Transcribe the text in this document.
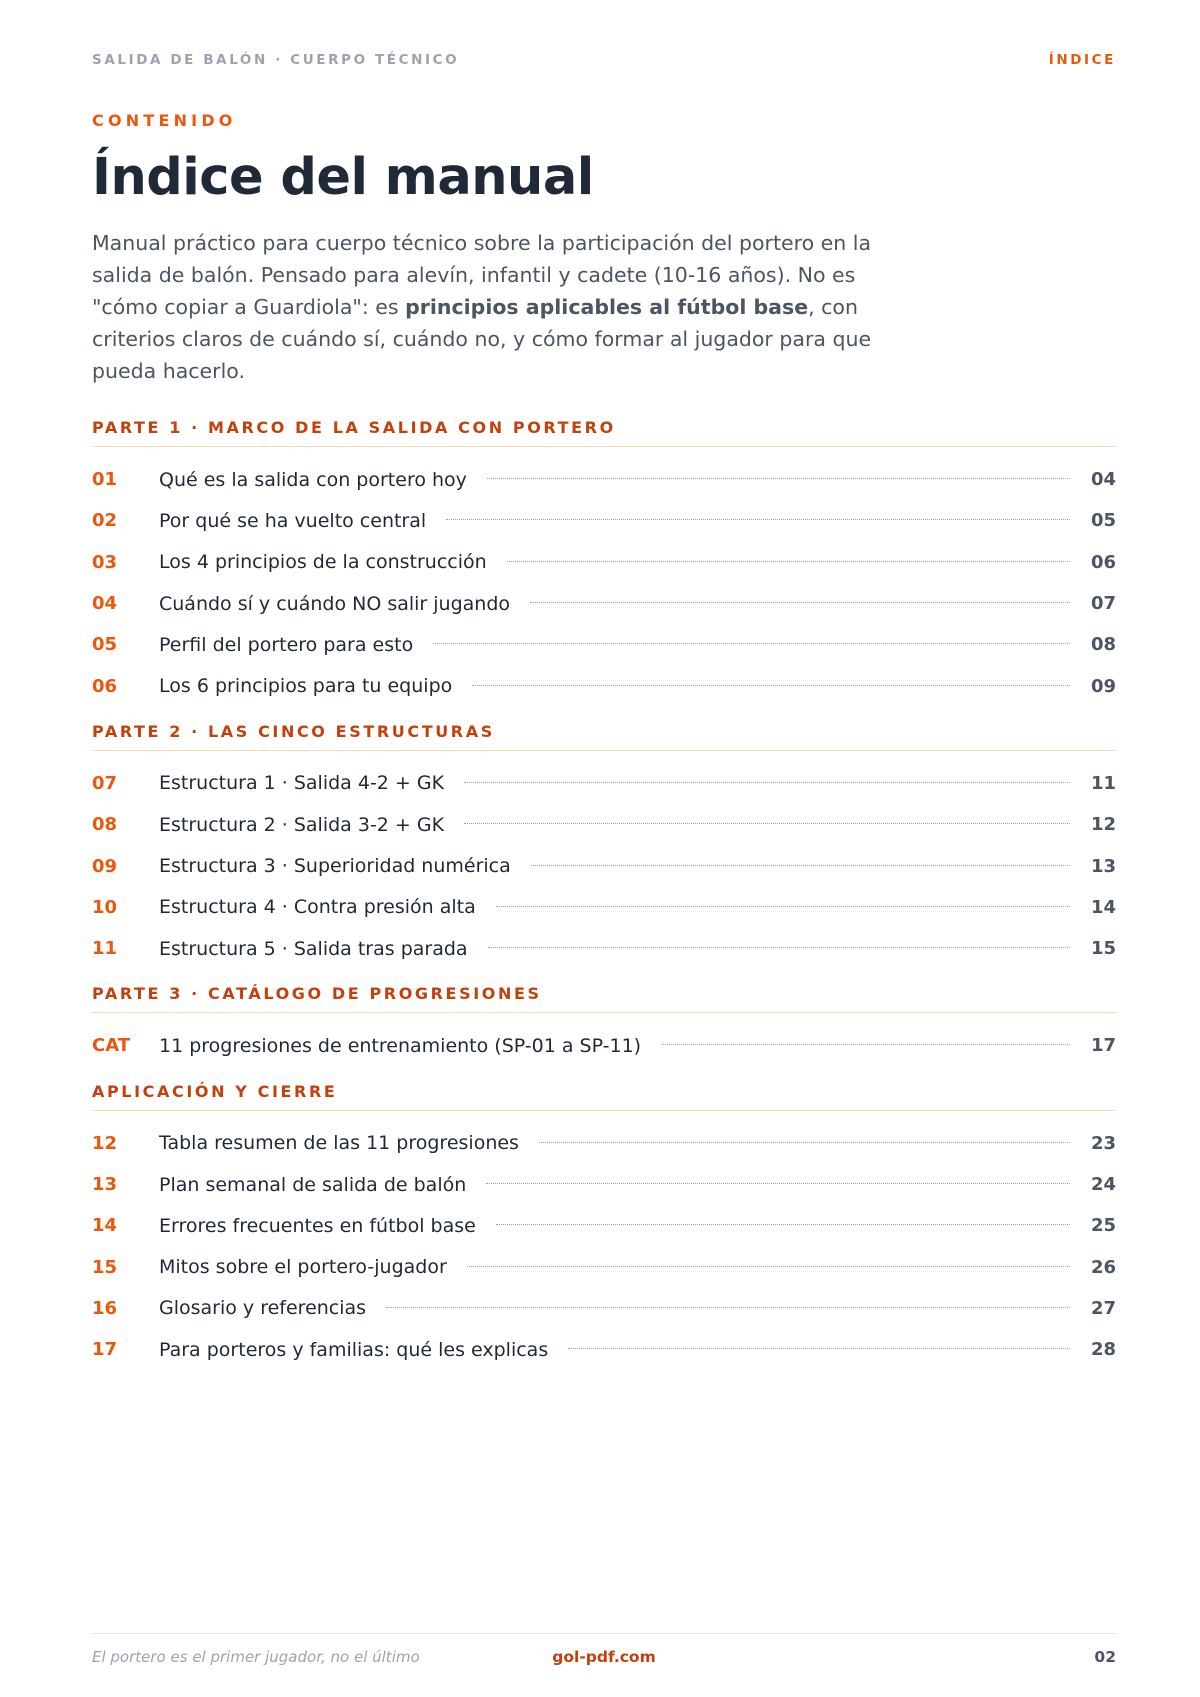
SALIDA DE BALÓN · CUERPO TÉCNICO	ÍNDICE
CONTENIDO
Índice del manual

Manual práctico para cuerpo técnico sobre la participación del portero en la salida de balón. Pensado para alevín, infantil y cadete (10-16 años). No es "cómo copiar a Guardiola": es principios aplicables al fútbol base, con criterios claros de cuándo sí, cuándo no, y cómo formar al jugador para que pueda hacerlo.

PARTE 1 · MARCO DE LA SALIDA CON PORTERO
01	Qué es la salida con portero hoy	04
02	Por qué se ha vuelto central	05
03	Los 4 principios de la construcción	06
04	Cuándo sí y cuándo NO salir jugando	07
05	Perfil del portero para esto	08
06	Los 6 principios para tu equipo	09
PARTE 2 · LAS CINCO ESTRUCTURAS
07	Estructura 1 · Salida 4-2 + GK	11
08	Estructura 2 · Salida 3-2 + GK	12
09	Estructura 3 · Superioridad numérica	13
10	Estructura 4 · Contra presión alta	14
11	Estructura 5 · Salida tras parada	15
PARTE 3 · CATÁLOGO DE PROGRESIONES
CAT	11 progresiones de entrenamiento (SP-01 a SP-11)	17
APLICACIÓN Y CIERRE
12	Tabla resumen de las 11 progresiones	23
13	Plan semanal de salida de balón	24
14	Errores frecuentes en fútbol base	25
15	Mitos sobre el portero-jugador	26
16	Glosario y referencias	27
17	Para porteros y familias: qué les explicas	28
El portero es el primer jugador, no el último	gol-pdf.com	02
